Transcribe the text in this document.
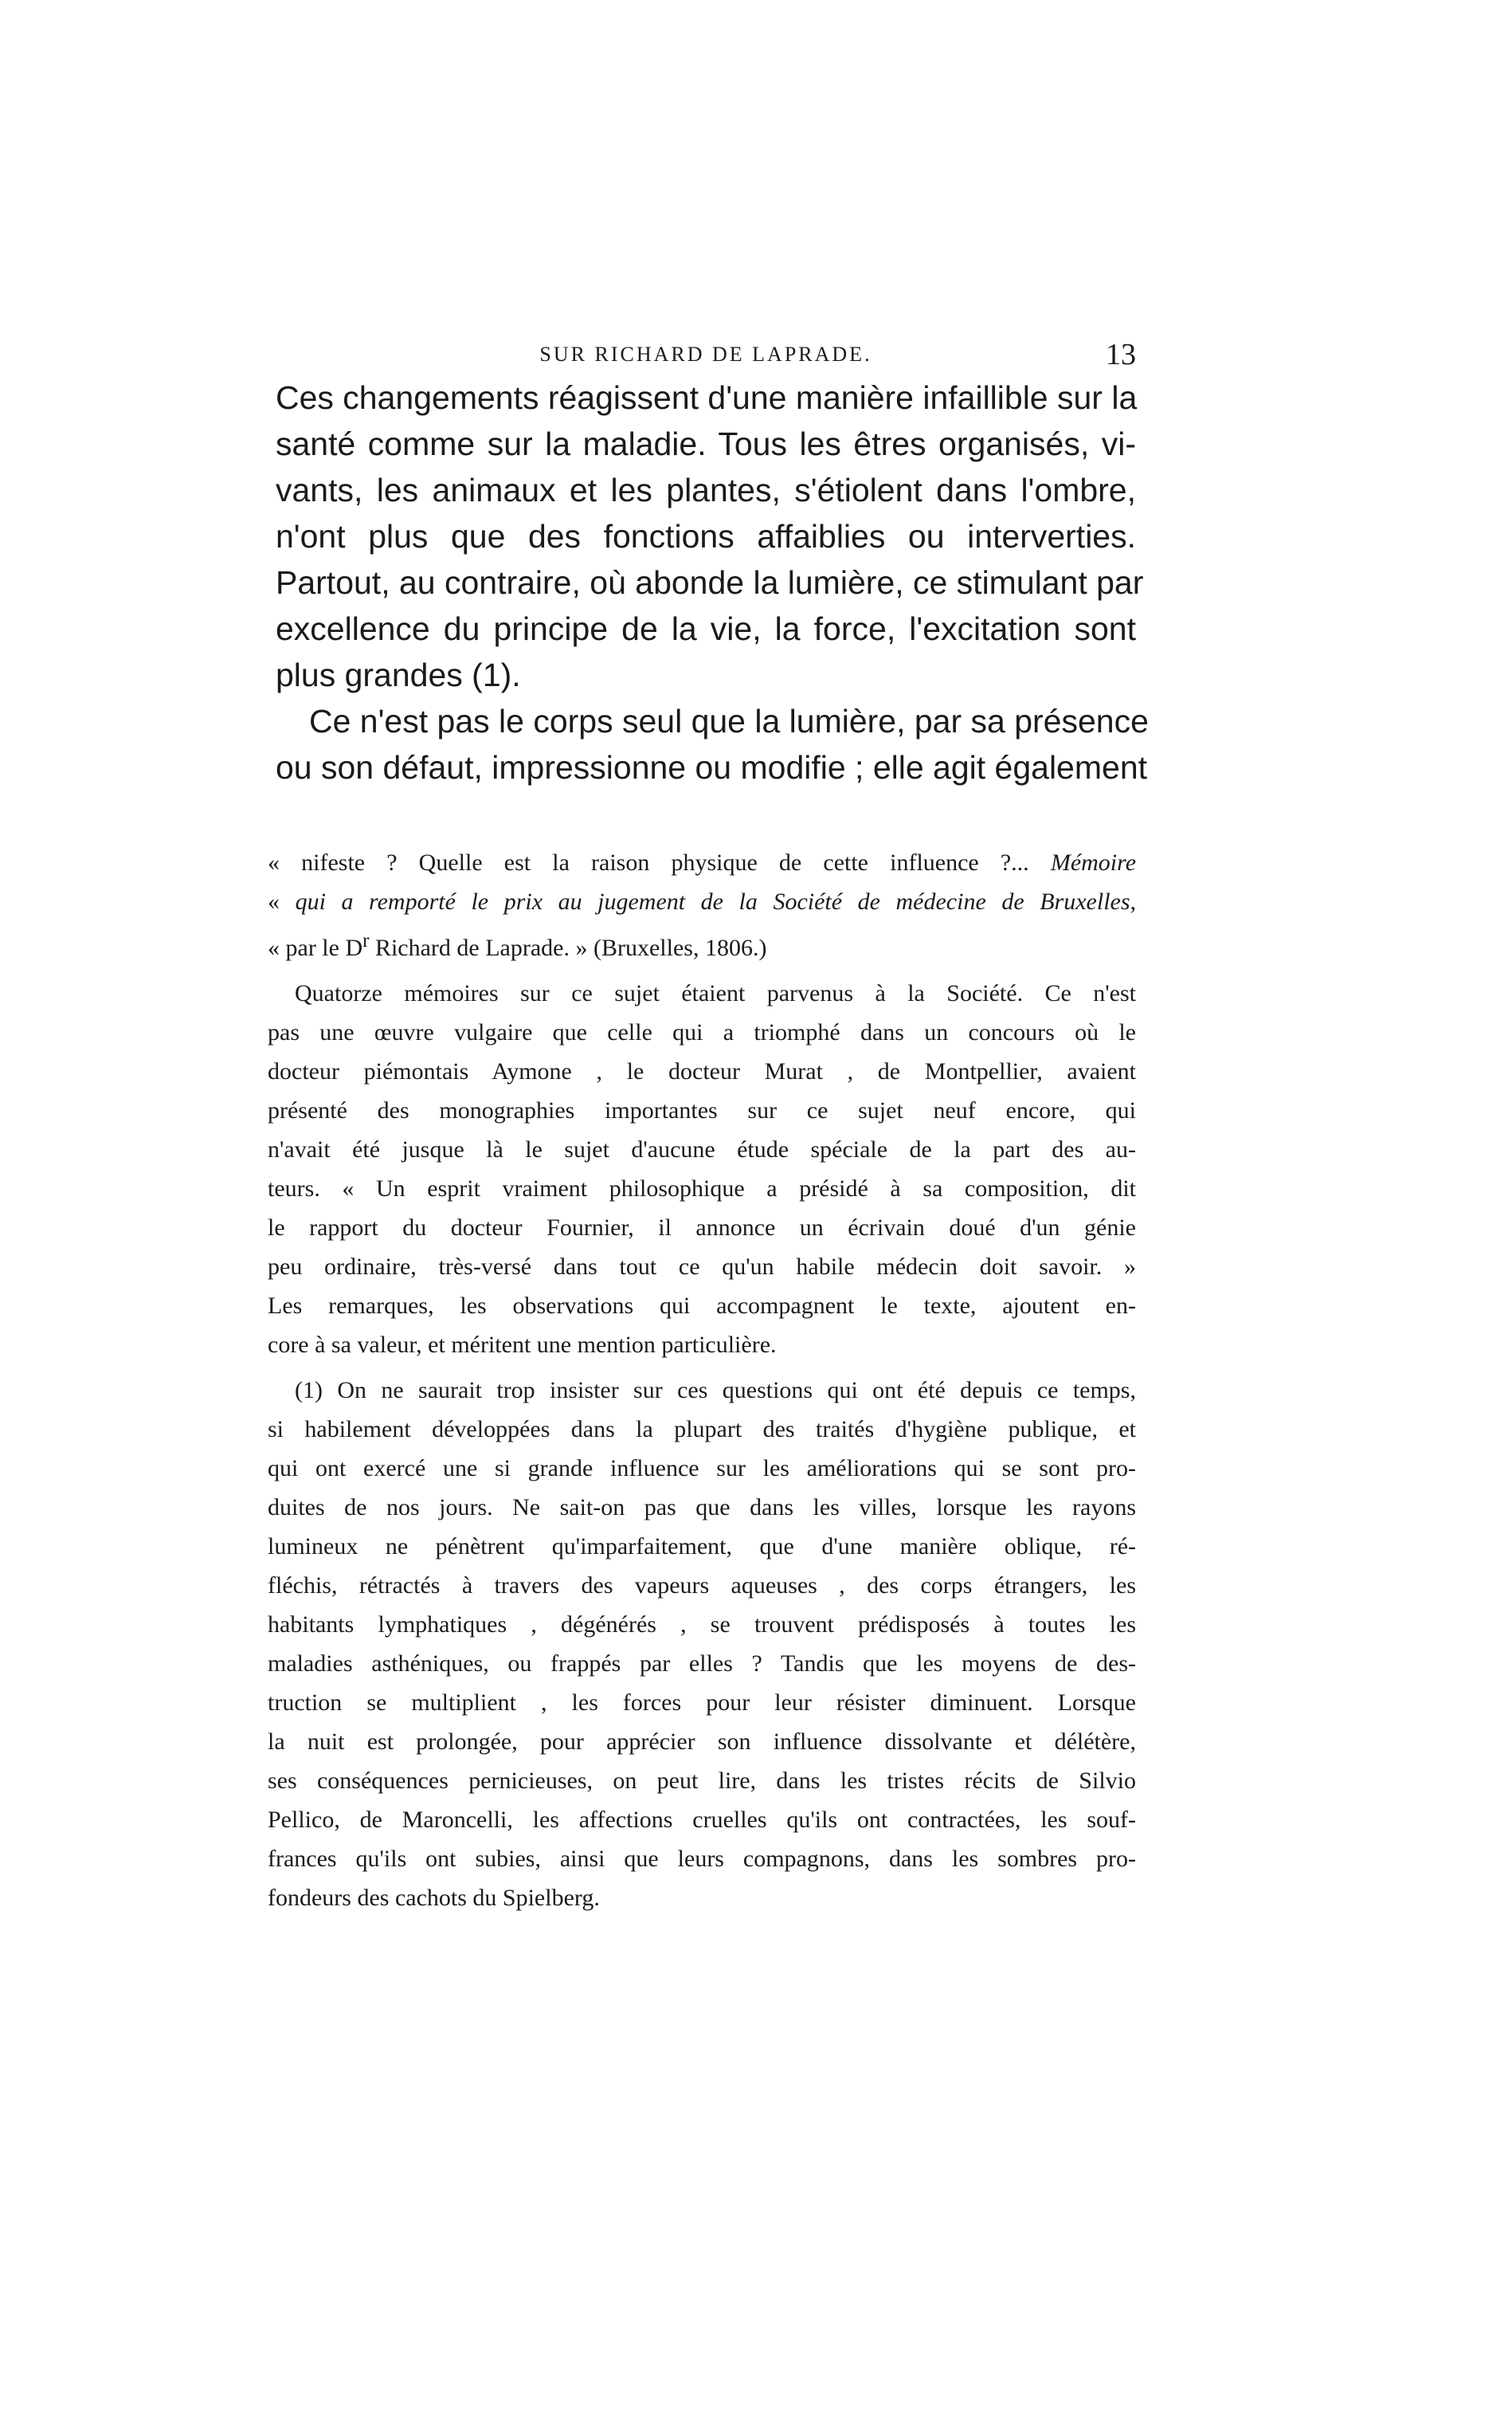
SUR RICHARD DE LAPRADE.	13
Ces changements réagissent d'une manière infaillible sur la
santé comme sur la maladie. Tous les êtres organisés, vi-
vants, les animaux et les plantes, s'étiolent dans l'ombre,
n'ont plus que des fonctions affaiblies ou interverties.
Partout, au contraire, où abonde la lumière, ce stimulant par
excellence du principe de la vie, la force, l'excitation sont
plus grandes (1).
Ce n'est pas le corps seul que la lumière, par sa présence
ou son défaut, impressionne ou modifie ; elle agit également
« nifeste ? Quelle est la raison physique de cette influence ?... Mémoire
« qui a remporté le prix au jugement de la Société de médecine de Bruxelles,
« par le $D^r$ Richard de Laprade. » (Bruxelles, 1806.)
Quatorze mémoires sur ce sujet étaient parvenus à la Société. Ce n'est
pas une œuvre vulgaire que celle qui a triomphé dans un concours où le
docteur piémontais Aymone , le docteur Murat , de Montpellier, avaient
présenté des monographies importantes sur ce sujet neuf encore, qui
n'avait été jusque là le sujet d'aucune étude spéciale de la part des au-
teurs. « Un esprit vraiment philosophique a présidé à sa composition, dit
le rapport du docteur Fournier, il annonce un écrivain doué d'un génie
peu ordinaire, très-versé dans tout ce qu'un habile médecin doit savoir. »
Les remarques, les observations qui accompagnent le texte, ajoutent en-
core à sa valeur, et méritent une mention particulière.
(1) On ne saurait trop insister sur ces questions qui ont été depuis ce temps,
si habilement développées dans la plupart des traités d'hygiène publique, et
qui ont exercé une si grande influence sur les améliorations qui se sont pro-
duites de nos jours. Ne sait-on pas que dans les villes, lorsque les rayons
lumineux ne pénètrent qu'imparfaitement, que d'une manière oblique, ré-
fléchis, rétractés à travers des vapeurs aqueuses , des corps étrangers, les
habitants lymphatiques , dégénérés , se trouvent prédisposés à toutes les
maladies asthéniques, ou frappés par elles ? Tandis que les moyens de des-
truction se multiplient , les forces pour leur résister diminuent. Lorsque
la nuit est prolongée, pour apprécier son influence dissolvante et délétère,
ses conséquences pernicieuses, on peut lire, dans les tristes récits de Silvio
Pellico, de Maroncelli, les affections cruelles qu'ils ont contractées, les souf-
frances qu'ils ont subies, ainsi que leurs compagnons, dans les sombres pro-
fondeurs des cachots du Spielberg.
